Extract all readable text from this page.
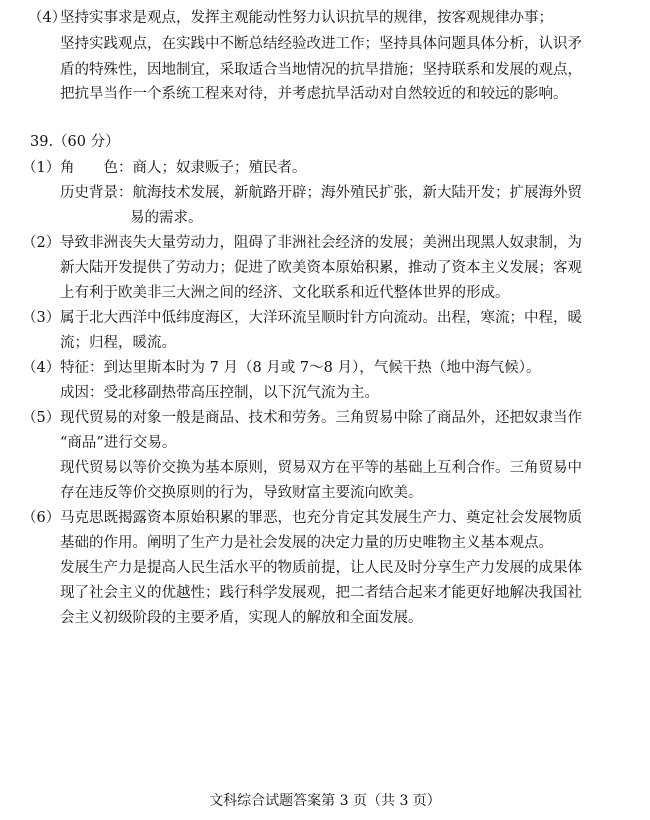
（4）
坚持实事求是观点，发挥主观能动性努力认识抗旱的规律，按客观规律办事；
坚持实践观点，在实践中不断总结经验改进工作；坚持具体问题具体分析，认识矛
盾的特殊性，因地制宜，采取适合当地情况的抗旱措施；坚持联系和发展的观点，
把抗旱当作一个系统工程来对待，并考虑抗旱活动对自然较近的和较远的影响。
39.（60 分）
（1） 角　　色：商人；奴隶贩子；殖民者。
历史背景：航海技术发展，新航路开辟；海外殖民扩张，新大陆开发；扩展海外贸
易的需求。
（2） 导致非洲丧失大量劳动力，阻碍了非洲社会经济的发展；美洲出现黑人奴隶制，为
新大陆开发提供了劳动力；促进了欧美资本原始积累，推动了资本主义发展；客观
上有利于欧美非三大洲之间的经济、文化联系和近代整体世界的形成。
（3） 属于北大西洋中低纬度海区，大洋环流呈顺时针方向流动。出程，寒流；中程，暖
流；归程，暖流。
（4） 特征：到达里斯本时为 7 月（8 月或 7～8 月），气候干热（地中海气候）。
成因：受北移副热带高压控制，以下沉气流为主。
（5） 现代贸易的对象一般是商品、技术和劳务。三角贸易中除了商品外，还把奴隶当作
“商品”进行交易。
现代贸易以等价交换为基本原则，贸易双方在平等的基础上互利合作。三角贸易中
存在违反等价交换原则的行为，导致财富主要流向欧美。
（6） 马克思既揭露资本原始积累的罪恶，也充分肯定其发展生产力、奠定社会发展物质
基础的作用。阐明了生产力是社会发展的决定力量的历史唯物主义基本观点。
发展生产力是提高人民生活水平的物质前提，让人民及时分享生产力发展的成果体
现了社会主义的优越性；践行科学发展观，把二者结合起来才能更好地解决我国社
会主义初级阶段的主要矛盾，实现人的解放和全面发展。
文科综合试题答案第 3 页（共 3 页）
